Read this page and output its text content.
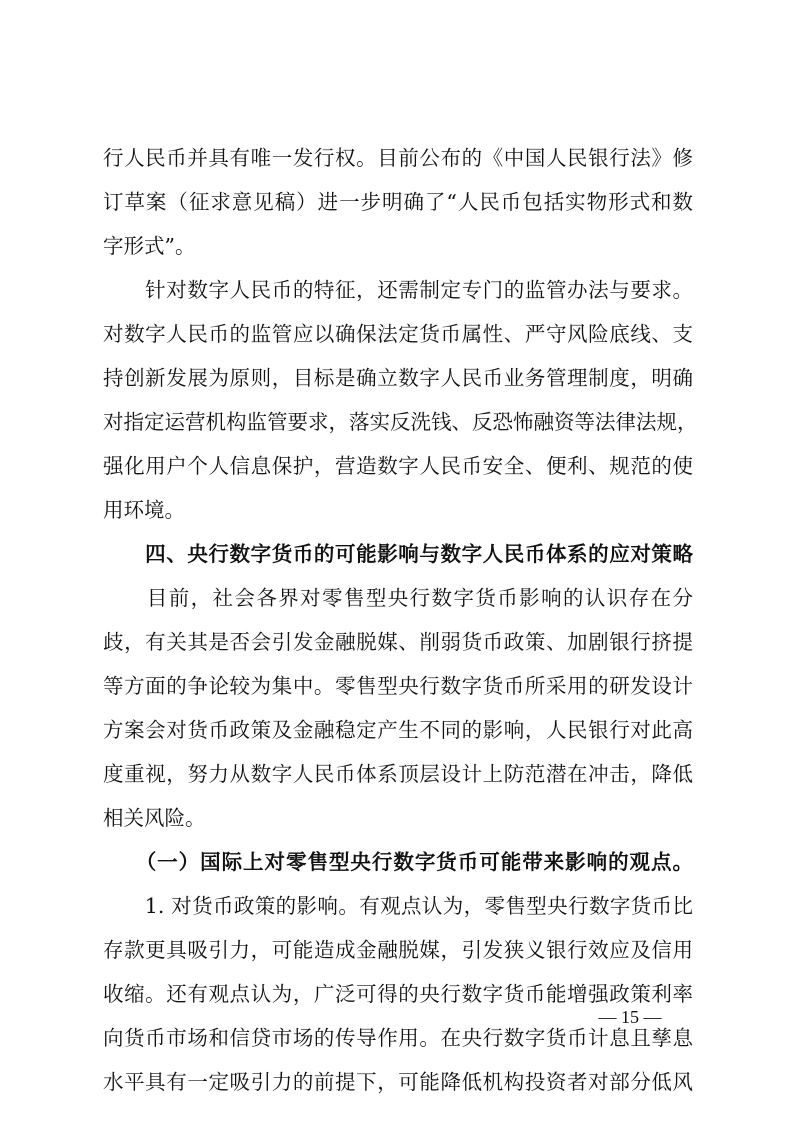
行人民币并具有唯一发行权。目前公布的《中国人民银行法》修
订草案（征求意见稿）进一步明确了“人民币包括实物形式和数
字形式”。
　　针对数字人民币的特征，还需制定专门的监管办法与要求。
对数字人民币的监管应以确保法定货币属性、严守风险底线、支
持创新发展为原则，目标是确立数字人民币业务管理制度，明确
对指定运营机构监管要求，落实反洗钱、反恐怖融资等法律法规，
强化用户个人信息保护，营造数字人民币安全、便利、规范的使
用环境。
　　四、央行数字货币的可能影响与数字人民币体系的应对策略
　　目前，社会各界对零售型央行数字货币影响的认识存在分
歧，有关其是否会引发金融脱媒、削弱货币政策、加剧银行挤提
等方面的争论较为集中。零售型央行数字货币所采用的研发设计
方案会对货币政策及金融稳定产生不同的影响，人民银行对此高
度重视，努力从数字人民币体系顶层设计上防范潜在冲击，降低
相关风险。
　　（一）国际上对零售型央行数字货币可能带来影响的观点。
　　1. 对货币政策的影响。有观点认为，零售型央行数字货币比
存款更具吸引力，可能造成金融脱媒，引发狭义银行效应及信用
收缩。还有观点认为，广泛可得的央行数字货币能增强政策利率
向货币市场和信贷市场的传导作用。在央行数字货币计息且孳息
水平具有一定吸引力的前提下，可能降低机构投资者对部分低风
— 15 —
